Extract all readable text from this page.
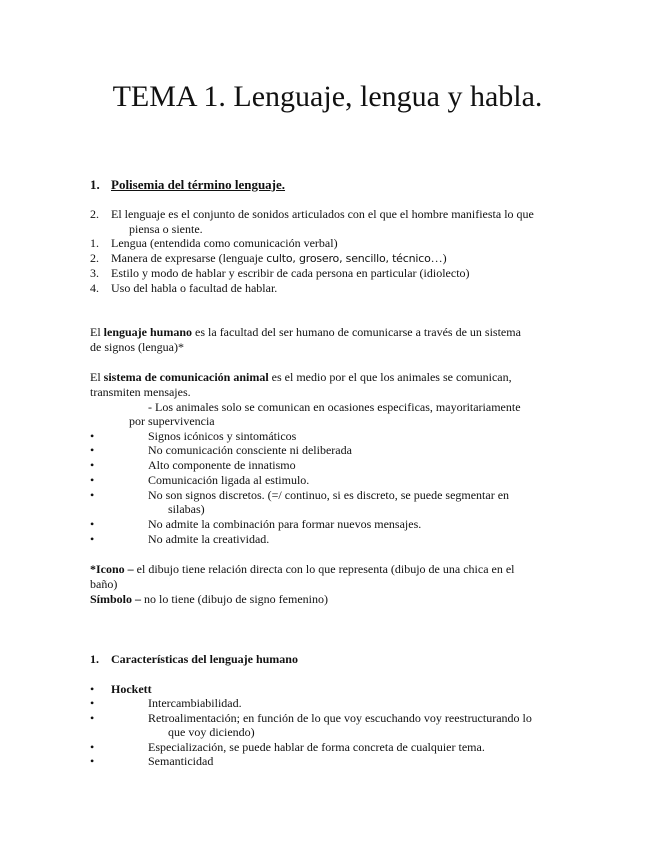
TEMA 1. Lenguaje, lengua y habla.
1. Polisemia del término lenguaje.
2. El lenguaje es el conjunto de sonidos articulados con el que el hombre manifiesta lo que
piensa o siente.
1. Lengua (entendida como comunicación verbal)
2. Manera de expresarse (lenguaje culto, grosero, sencillo, técnico…)
3. Estilo y modo de hablar y escribir de cada persona en particular (idiolecto)
4. Uso del habla o facultad de hablar.
El lenguaje humano es la facultad del ser humano de comunicarse a través de un sistema
de signos (lengua)*
El sistema de comunicación animal es el medio por el que los animales se comunican,
transmiten mensajes.
- Los animales solo se comunican en ocasiones especificas, mayoritariamente
por supervivencia
•	Signos icónicos y sintomáticos
•	No comunicación consciente ni deliberada
•	Alto componente de innatismo
•	Comunicación ligada al estimulo.
•	No son signos discretos. (=/ continuo, si es discreto, se puede segmentar en
silabas)
•	No admite la combinación para formar nuevos mensajes.
•	No admite la creatividad.
*Icono – el dibujo tiene relación directa con lo que representa (dibujo de una chica en el
baño)
Símbolo – no lo tiene (dibujo de signo femenino)
1. Características del lenguaje humano
• Hockett
•	Intercambiabilidad.
•	Retroalimentación; en función de lo que voy escuchando voy reestructurando lo
que voy diciendo)
•	Especialización, se puede hablar de forma concreta de cualquier tema.
•	Semanticidad
